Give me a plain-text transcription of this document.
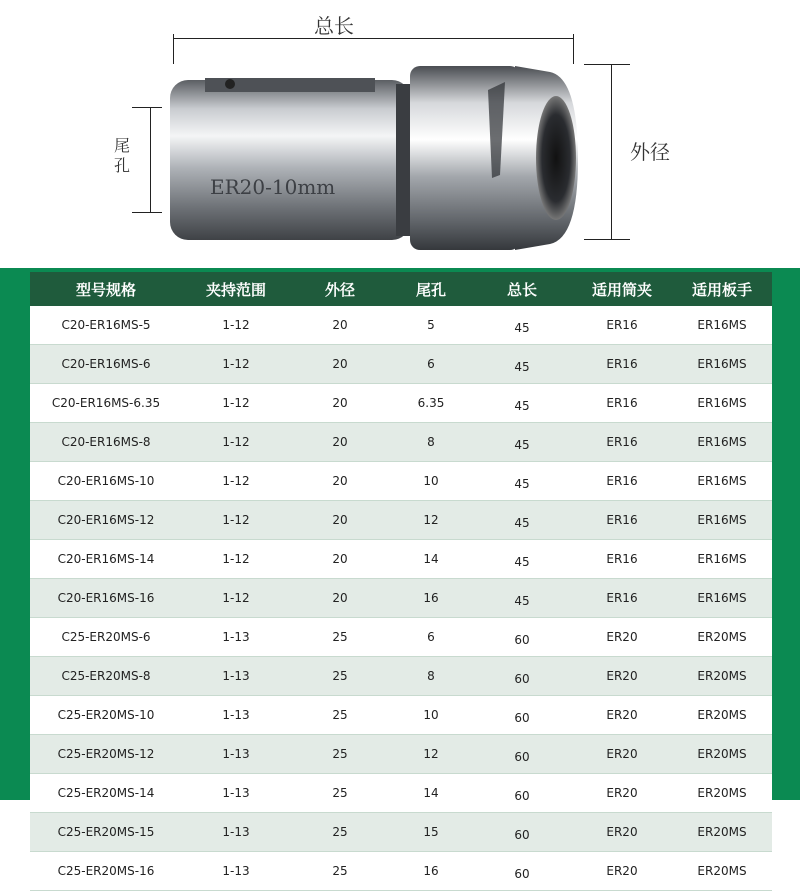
总长
尾孔
外径
ER20-10mm
型号规格	夹持范围	外径	尾孔	总长	适用筒夹	适用板手
C20-ER16MS-5	1-12	20	5	45	ER16	ER16MS
C20-ER16MS-6	1-12	20	6	45	ER16	ER16MS
C20-ER16MS-6.35	1-12	20	6.35	45	ER16	ER16MS
C20-ER16MS-8	1-12	20	8	45	ER16	ER16MS
C20-ER16MS-10	1-12	20	10	45	ER16	ER16MS
C20-ER16MS-12	1-12	20	12	45	ER16	ER16MS
C20-ER16MS-14	1-12	20	14	45	ER16	ER16MS
C20-ER16MS-16	1-12	20	16	45	ER16	ER16MS
C25-ER20MS-6	1-13	25	6	60	ER20	ER20MS
C25-ER20MS-8	1-13	25	8	60	ER20	ER20MS
C25-ER20MS-10	1-13	25	10	60	ER20	ER20MS
C25-ER20MS-12	1-13	25	12	60	ER20	ER20MS
C25-ER20MS-14	1-13	25	14	60	ER20	ER20MS
C25-ER20MS-15	1-13	25	15	60	ER20	ER20MS
C25-ER20MS-16	1-13	25	16	60	ER20	ER20MS
